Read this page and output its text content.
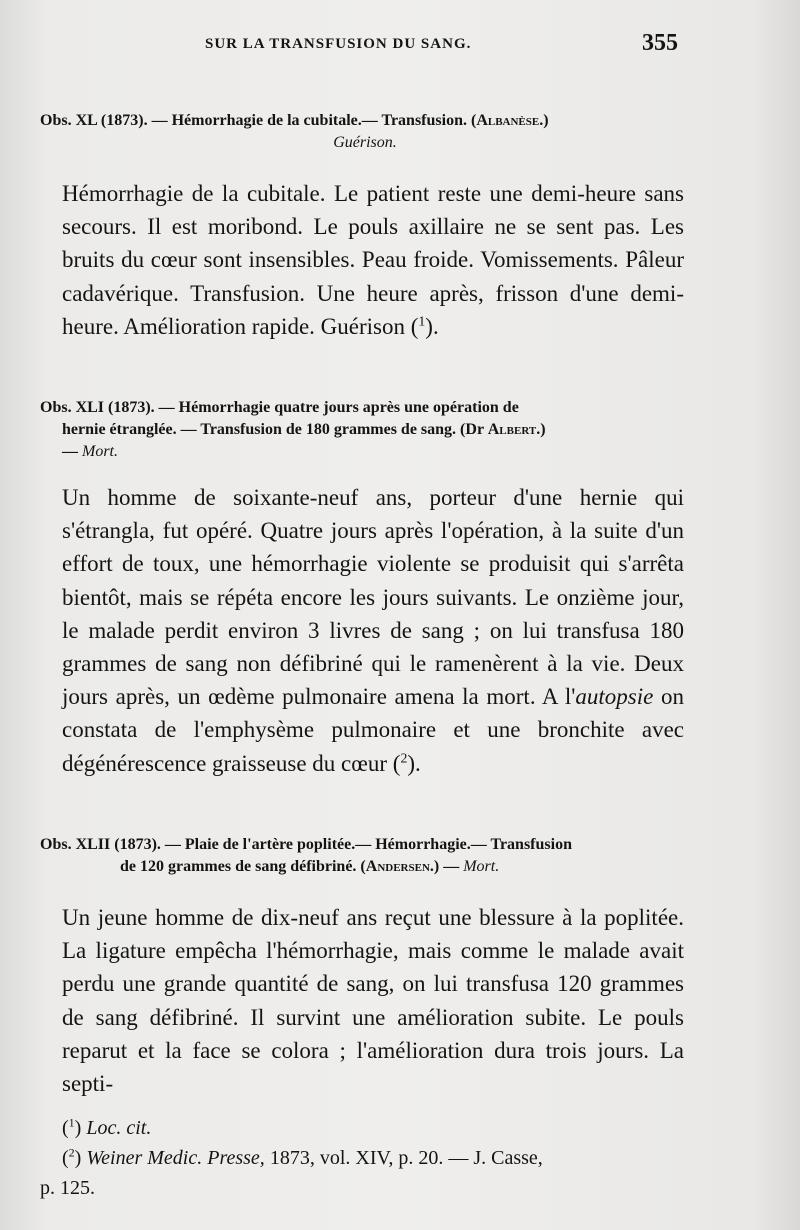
SUR LA TRANSFUSION DU SANG.	355
Obs. XL (1873). — Hémorrhagie de la cubitale.— Transfusion. (Albanèse.)
Guérison.
Hémorrhagie de la cubitale. Le patient reste une demi-heure sans secours. Il est moribond. Le pouls axillaire ne se sent pas. Les bruits du cœur sont insensibles. Peau froide. Vomissements. Pâleur cadavérique. Transfusion. Une heure après, frisson d'une demi-heure. Amélioration rapide. Guérison ($^1$).
Obs. XLI (1873). — Hémorrhagie quatre jours après une opération de
hernie étranglée. — Transfusion de 180 grammes de sang. (Dr Albert.)
— Mort.
Un homme de soixante-neuf ans, porteur d'une hernie qui s'étrangla, fut opéré. Quatre jours après l'opération, à la suite d'un effort de toux, une hémorrhagie violente se produisit qui s'arrêta bientôt, mais se répéta encore les jours suivants. Le onzième jour, le malade perdit environ 3 livres de sang ; on lui transfusa 180 grammes de sang non défibriné qui le ramenèrent à la vie. Deux jours après, un œdème pulmonaire amena la mort. A l'autopsie on constata de l'emphysème pulmonaire et une bronchite avec dégénérescence graisseuse du cœur ($^2$).
Obs. XLII (1873). — Plaie de l'artère poplitée.— Hémorrhagie.— Transfusion
de 120 grammes de sang défibriné. (Andersen.) — Mort.
Un jeune homme de dix-neuf ans reçut une blessure à la poplitée. La ligature empêcha l'hémorrhagie, mais comme le malade avait perdu une grande quantité de sang, on lui transfusa 120 grammes de sang défibriné. Il survint une amélioration subite. Le pouls reparut et la face se colora ; l'amélioration dura trois jours. La septi-
($^1$) Loc. cit.
($^2$) Weiner Medic. Presse, 1873, vol. XIV, p. 20. — J. Casse,
p. 125.
